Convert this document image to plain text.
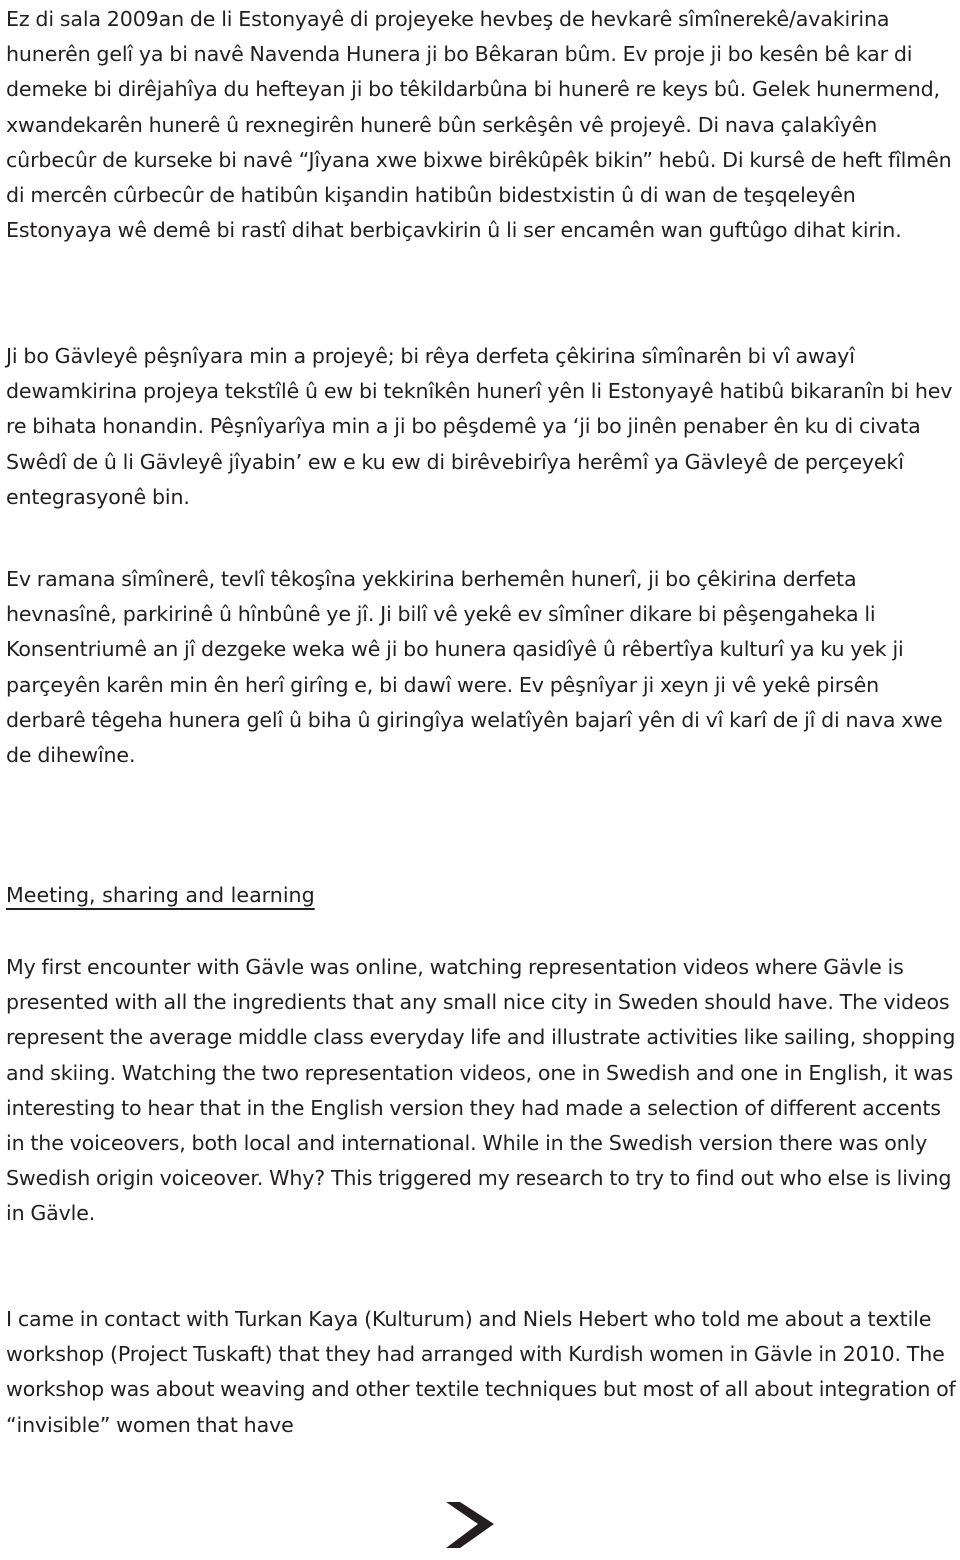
Ez di sala 2009an de li Estonyayê di projeyeke hevbeş de hevkarê sîmînerekê/avakirina hunerên gelî ya bi navê Navenda Hunera ji bo Bêkaran bûm. Ev proje ji bo kesên bê kar di demeke bi dirêjahîya du hefteyan ji bo têkildarbûna bi hunerê re keys bû. Gelek hunermend, xwandekarên hunerê û rexnegirên hunerê bûn serkêşên vê projeyê. Di nava çalakîyên cûrbecûr de kurseke bi navê “Jîyana xwe bixwe birêkûpêk bikin” hebû. Di kursê de heft fîlmên di mercên cûrbecûr de hatibûn kişandin hatibûn bidestxistin û di wan de teşqeleyên Estonyaya wê demê bi rastî dihat berbiçavkirin û li ser encamên wan guftûgo dihat kirin.

Ji bo Gävleyê pêşnîyara min a projeyê; bi rêya derfeta çêkirina sîmînarên bi vî awayî dewamkirina projeya tekstîlê û ew bi teknîkên hunerî yên li Estonyayê hatibû bikaranîn bi hev re bihata honandin. Pêşnîyarîya min a ji bo pêşdemê ya ‘ji bo jinên penaber ên ku di civata Swêdî de û li Gävleyê jîyabin’ ew e ku ew di birêvebirîya herêmî ya Gävleyê de perçeyekî entegrasyonê bin.

Ev ramana sîmînerê, tevlî têkoşîna yekkirina berhemên hunerî, ji bo çêkirina derfeta hevnasînê, parkirinê û hînbûnê ye jî. Ji bilî vê yekê ev sîmîner dikare bi pêşengaheka li Konsentriumê an jî dezgeke weka wê ji bo hunera qasidîyê û rêbertîya kulturî ya ku yek ji parçeyên karên min ên herî girîng e, bi dawî were. Ev pêşnîyar ji xeyn ji vê yekê pirsên derbarê têgeha hunera gelî û biha û giringîya welatîyên bajarî yên di vî karî de jî di nava xwe de dihewîne.

Meeting, sharing and learning

My first encounter with Gävle was online, watching representation videos where Gävle is presented with all the ingredients that any small nice city in Sweden should have. The videos represent the average middle class everyday life and illustrate activities like sailing, shopping and skiing. Watching the two representation videos, one in Swedish and one in English, it was interesting to hear that in the English version they had made a selection of different accents in the voiceovers, both local and international. While in the Swedish version there was only Swedish origin voiceover. Why? This triggered my research to try to find out who else is living in Gävle.

I came in contact with Turkan Kaya (Kulturum) and Niels Hebert who told me about a textile workshop (Project Tuskaft) that they had arranged with Kurdish women in Gävle in 2010. The workshop was about weaving and other textile techniques but most of all about integration of “invisible” women that have
